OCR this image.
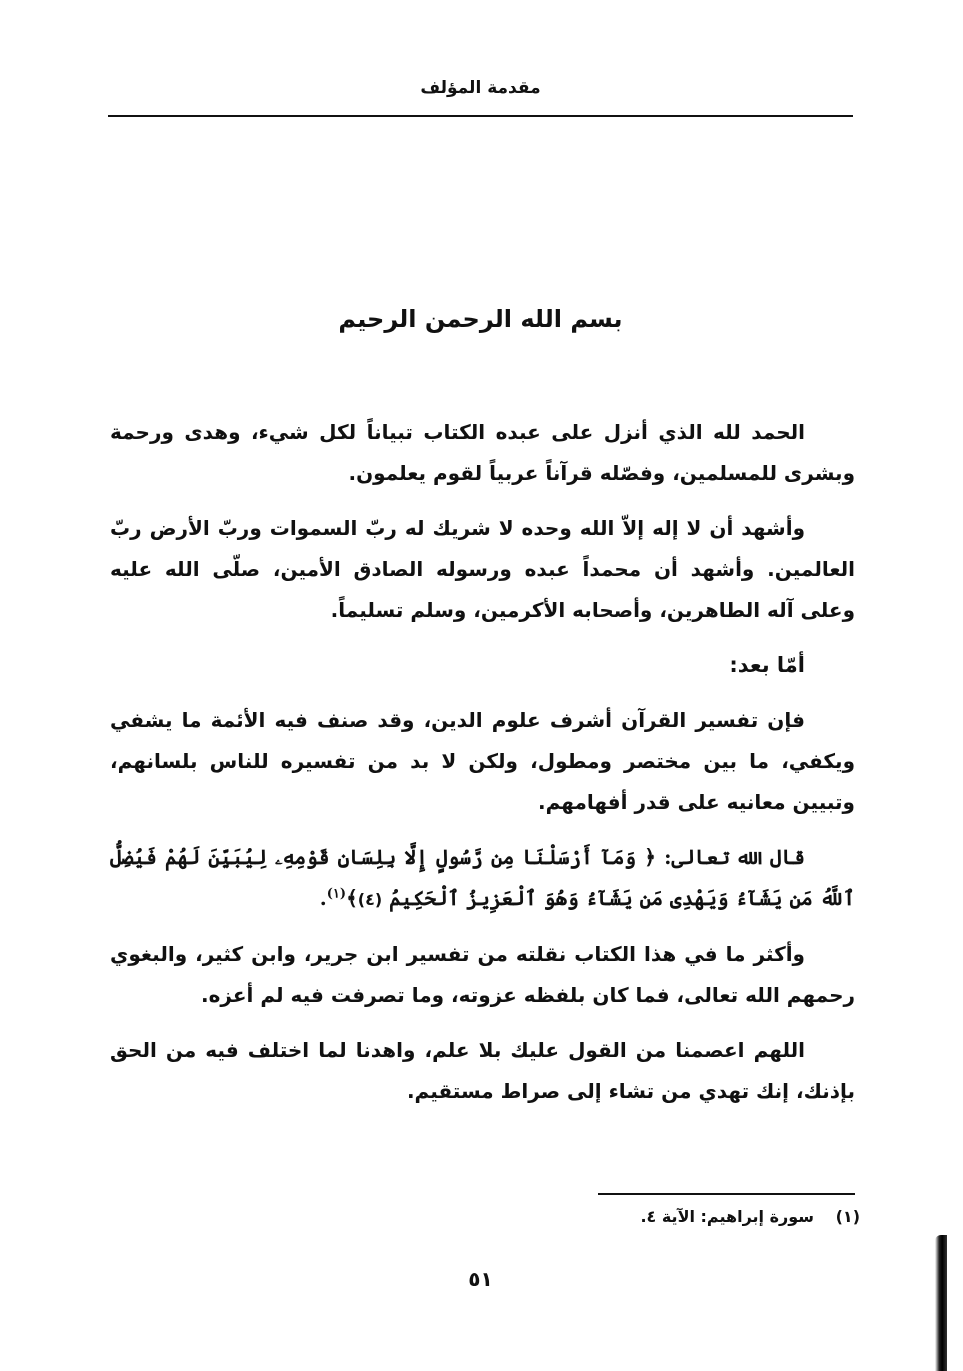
مقدمة المؤلف
بسم الله الرحمن الرحيم

الحمد لله الذي أنزل على عبده الكتاب تبياناً لكل شيء، وهدى ورحمة وبشرى للمسلمين، وفصّله قرآناً عربياً لقوم يعلمون.

وأشهد أن لا إله إلاّ الله وحده لا شريك له ربّ السموات وربّ الأرض ربّ العالمين. وأشهد أن محمداً عبده ورسوله الصادق الأمين، صلّى الله عليه وعلى آله الطاهرين، وأصحابه الأكرمين، وسلم تسليماً.

أمّا بعد:

فإن تفسير القرآن أشرف علوم الدين، وقد صنف فيه الأئمة ما يشفي ويكفي، ما بين مختصر ومطول، ولكن لا بد من تفسيره للناس بلسانهم، وتبيين معانيه على قدر أفهامهم.

قال الله تعالى: ﴿ وَمَآ أَرْسَلْنَا مِن رَّسُولٍ إِلَّا بِلِسَانِ قَوْمِهِۦ لِيُبَيِّنَ لَهُمْ فَيُضِلُّ ٱللَّهُ مَن يَشَآءُ وَيَهْدِى مَن يَشَآءُ وَهُوَ ٱلْعَزِيزُ ٱلْحَكِيمُ (٤)﴾$^{(١)}$.

وأكثر ما في هذا الكتاب نقلته من تفسير ابن جرير، وابن كثير، والبغوي رحمهم الله تعالى، فما كان بلفظه عزوته، وما تصرفت فيه لم أعزه.

اللهم اعصمنا من القول عليك بلا علم، واهدنا لما اختلف فيه من الحق بإذنك، إنك تهدي من تشاء إلى صراط مستقيم.

(١) سورة إبراهيم: الآية ٤.
٥١
